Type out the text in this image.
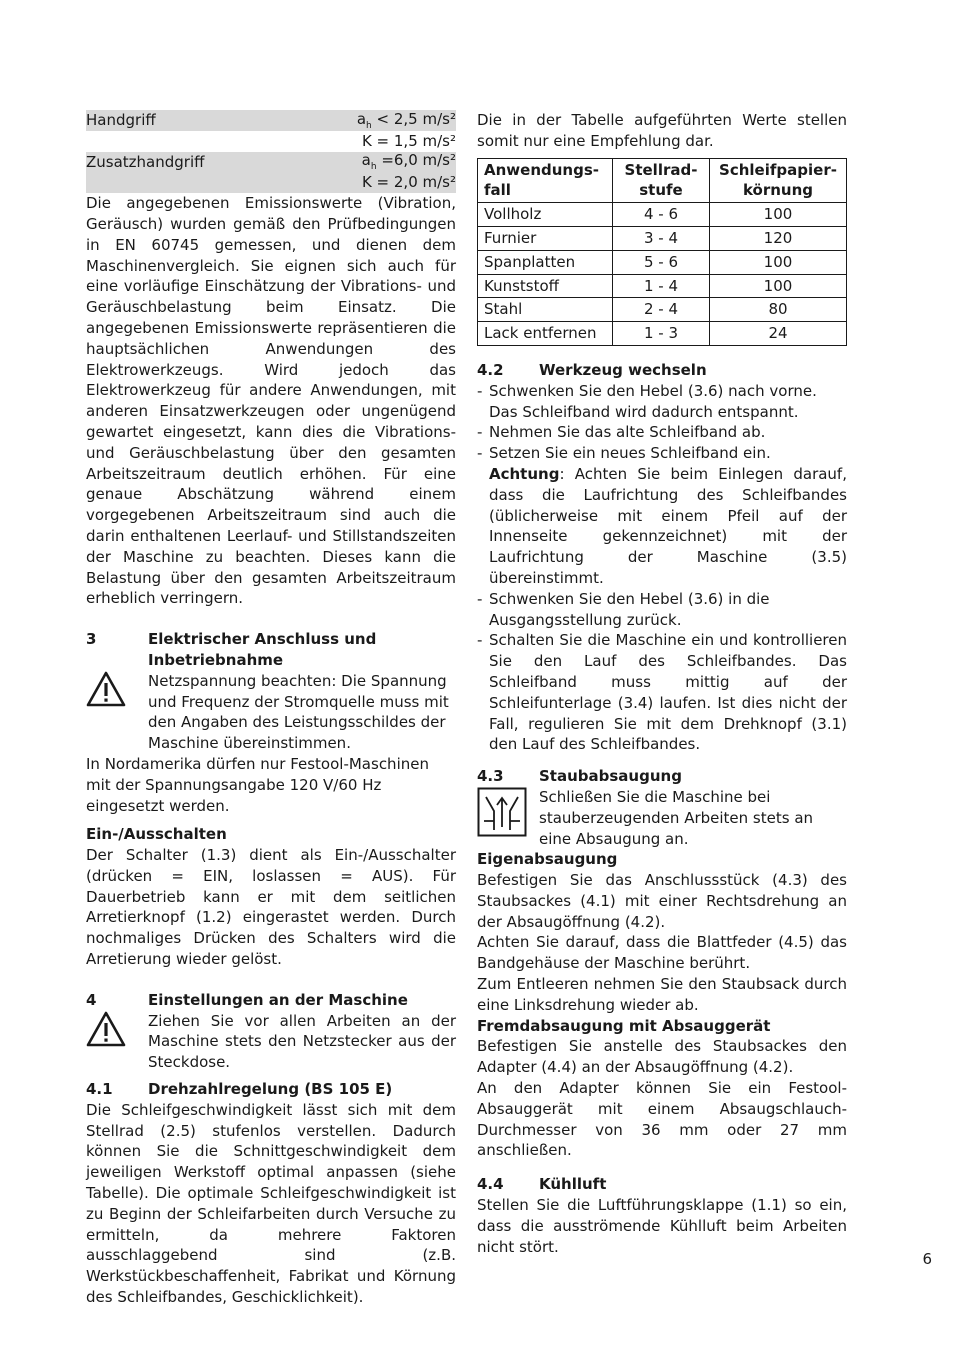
Handgriff	$a_h < 2,5$ m/s²
K = 1,5 m/s²
Zusatzhandgriff	$a_h =6,0$ m/s²
K = 2,0 m/s²

Die angegebenen Emissionswerte (Vibration, Geräusch) wurden gemäß den Prüfbedingungen in EN 60745 gemessen, und dienen dem Maschinenvergleich. Sie eignen sich auch für eine vorläufige Einschätzung der Vibrations- und Geräuschbelastung beim Einsatz. Die angegebenen Emissionswerte repräsentieren die hauptsächlichen Anwendungen des Elektrowerkzeugs. Wird jedoch das Elektrowerkzeug für andere Anwendungen, mit anderen Einsatzwerkzeugen oder ungenügend gewartet eingesetzt, kann dies die Vibrations- und Geräuschbelastung über den gesamten Arbeitszeitraum deutlich erhöhen. Für eine genaue Abschätzung während einem vorgegebenen Arbeitszeitraum sind auch die darin enthaltenen Leerlauf- und Stillstandszeiten der Maschine zu beachten. Dieses kann die Belastung über den gesamten Arbeitszeitraum erheblich verringern.

3	Elektrischer Anschluss und Inbetriebnahme
Netzspannung beachten: Die Spannung und Frequenz der Stromquelle muss mit den Angaben des Leistungsschildes der Maschine übereinstimmen.

In Nordamerika dürfen nur Festool-Maschinen mit der Spannungsangabe 120 V/60 Hz eingesetzt werden.

Ein-/Ausschalten

Der Schalter (1.3) dient als Ein-/Ausschalter (drücken = EIN, loslassen = AUS). Für Dauerbetrieb kann er mit dem seitlichen Arretierknopf (1.2) eingerastet werden. Durch nochmaliges Drücken des Schalters wird die Arretierung wieder gelöst.

4	Einstellungen an der Maschine
Ziehen Sie vor allen Arbeiten an der Maschine stets den Netzstecker aus der Steckdose.
4.1	Drehzahlregelung (BS 105 E)

Die Schleifgeschwindigkeit lässt sich mit dem Stellrad (2.5) stufenlos verstellen. Dadurch können Sie die Schnittgeschwindigkeit dem jeweiligen Werkstoff optimal anpassen (siehe Tabelle). Die optimale Schleifgeschwindigkeit ist zu Beginn der Schleifarbeiten durch Versuche zu ermitteln, da mehrere Faktoren ausschlaggebend sind (z.B. Werkstückbeschaffenheit, Fabrikat und Körnung des Schleifbandes, Geschicklichkeit).

Die in der Tabelle aufgeführten Werte stellen somit nur eine Empfehlung dar.

Anwendungs-fall	Stellrad-stufe	Schleifpapier-körnung
Vollholz	4 - 6	100
Furnier	3 - 4	120
Spanplatten	5 - 6	100
Kunststoff	1 - 4	100
Stahl	2 - 4	80
Lack entfernen	1 - 3	24
4.2	Werkzeug wechseln
- Schwenken Sie den Hebel (3.6) nach vorne. Das Schleifband wird dadurch entspannt.
- Nehmen Sie das alte Schleifband ab.
- Setzen Sie ein neues Schleifband ein.

Achtung: Achten Sie beim Einlegen darauf, dass die Laufrichtung des Schleifbandes (üblicherweise mit einem Pfeil auf der Innenseite gekennzeichnet) mit der Laufrichtung der Maschine (3.5) übereinstimmt.

- Schwenken Sie den Hebel (3.6) in die Ausgangsstellung zurück.
- Schalten Sie die Maschine ein und kontrollieren Sie den Lauf des Schleifbandes. Das Schleifband muss mittig auf der Schleifunterlage (3.4) laufen. Ist dies nicht der Fall, regulieren Sie mit dem Drehknopf (3.1) den Lauf des Schleifbandes.
4.3	Staubabsaugung
Schließen Sie die Maschine bei stauberzeugenden Arbeiten stets an eine Absaugung an.

Eigenabsaugung

Befestigen Sie das Anschlussstück (4.3) des Staubsackes (4.1) mit einer Rechtsdrehung an der Absaugöffnung (4.2).

Achten Sie darauf, dass die Blattfeder (4.5) das Bandgehäuse der Maschine berührt.

Zum Entleeren nehmen Sie den Staubsack durch eine Linksdrehung wieder ab.

Fremdabsaugung mit Absauggerät

Befestigen Sie anstelle des Staubsackes den Adapter (4.4) an der Absaugöffnung (4.2).

An den Adapter können Sie ein Festool-Absauggerät mit einem Absaugschlauch-Durchmesser von 36 mm oder 27 mm anschließen.

4.4	Kühlluft

Stellen Sie die Luftführungsklappe (1.1) so ein, dass die ausströmende Kühlluft beim Arbeiten nicht stört.

6
